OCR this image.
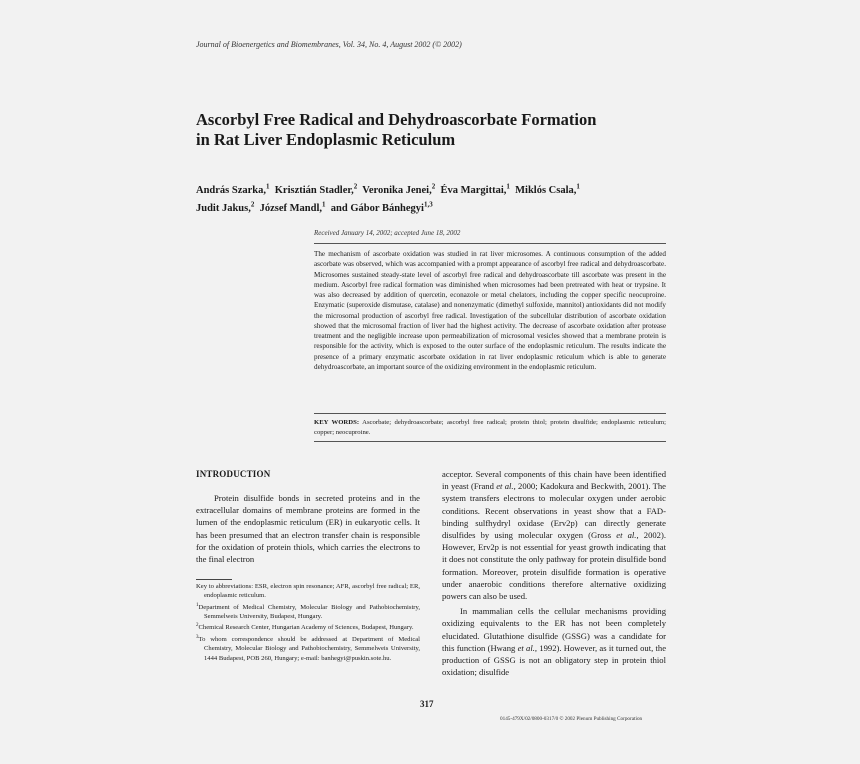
Journal of Bioenergetics and Biomembranes, Vol. 34, No. 4, August 2002 (© 2002)
Ascorbyl Free Radical and Dehydroascorbate Formation
in Rat Liver Endoplasmic Reticulum
András Szarka,$^1$ Krisztián Stadler,$^2$ Veronika Jenei,$^2$ Éva Margittai,$^1$ Miklós Csala,$^1$
Judit Jakus,$^2$ József Mandl,$^1$ and Gábor Bánhegyi$^{1,3}$
Received January 14, 2002; accepted June 18, 2002

The mechanism of ascorbate oxidation was studied in rat liver microsomes. A continuous consumption of the added ascorbate was observed, which was accompanied with a prompt appearance of ascorbyl free radical and dehydroascorbate. Microsomes sustained steady-state level of ascorbyl free radical and dehydroascorbate till ascorbate was present in the medium. Ascorbyl free radical formation was diminished when microsomes had been pretreated with heat or trypsine. It was also decreased by addition of quercetin, econazole or metal chelators, including the copper specific neocuproine. Enzymatic (superoxide dismutase, catalase) and nonenzymatic (dimethyl sulfoxide, mannitol) antioxidants did not modify the microsomal production of ascorbyl free radical. Investigation of the subcellular distribution of ascorbate oxidation showed that the microsomal fraction of liver had the highest activity. The decrease of ascorbate oxidation after protease treatment and the negligible increase upon permeabilization of microsomal vesicles showed that a membrane protein is responsible for the activity, which is exposed to the outer surface of the endoplasmic reticulum. The results indicate the presence of a primary enzymatic ascorbate oxidation in rat liver endoplasmic reticulum which is able to generate dehydroascorbate, an important source of the oxidizing environment in the endoplasmic reticulum.

KEY WORDS: Ascorbate; dehydroascorbate; ascorbyl free radical; protein thiol; protein disulfide; endoplasmic reticulum; copper; neocuproine.
INTRODUCTION

Protein disulfide bonds in secreted proteins and in the extracellular domains of membrane proteins are formed in the lumen of the endoplasmic reticulum (ER) in eukaryotic cells. It has been presumed that an electron transfer chain is responsible for the oxidation of protein thiols, which carries the electrons to the final electron

Key to abbreviations: ESR, electron spin resonance; AFR, ascorbyl free radical; ER, endoplasmic reticulum.

$^1$Department of Medical Chemistry, Molecular Biology and Pathobiochemistry, Semmelweis University, Budapest, Hungary.

$^2$Chemical Research Center, Hungarian Academy of Sciences, Budapest, Hungary.

$^3$To whom correspondence should be addressed at Department of Medical Chemistry, Molecular Biology and Pathobiochemistry, Semmelweis University, 1444 Budapest, POB 260, Hungary; e-mail: banhegyi@puskin.sote.hu.

acceptor. Several components of this chain have been identified in yeast (Frand et al., 2000; Kadokura and Beckwith, 2001). The system transfers electrons to molecular oxygen under aerobic conditions. Recent observations in yeast show that a FAD-binding sulfhydryl oxidase (Erv2p) can directly generate disulfides by using molecular oxygen (Gross et al., 2002). However, Erv2p is not essential for yeast growth indicating that it does not constitute the only pathway for protein disulfide bond formation. Moreover, protein disulfide formation is operative under anaerobic conditions therefore alternative oxidizing powers can also be used.

In mammalian cells the cellular mechanisms providing oxidizing equivalents to the ER has not been completely elucidated. Glutathione disulfide (GSSG) was a candidate for this function (Hwang et al., 1992). However, as it turned out, the production of GSSG is not an obligatory step in protein thiol oxidation; disulfide

317
0145-479X/02/0800-0317/0 © 2002 Plenum Publishing Corporation
